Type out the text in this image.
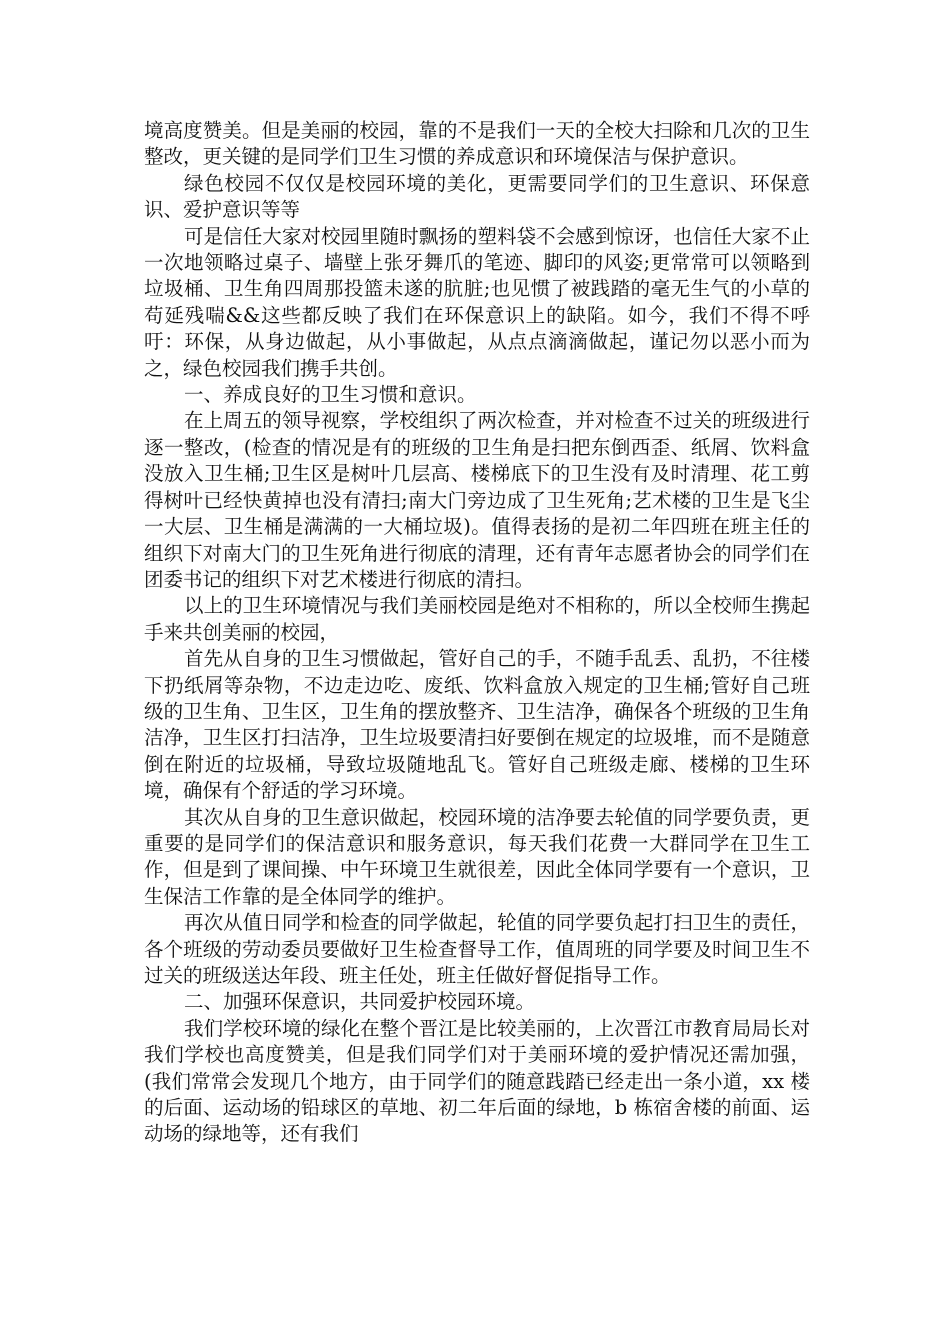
境高度赞美。但是美丽的校园，靠的不是我们一天的全校大扫除和几次的卫生整改，更关键的是同学们卫生习惯的养成意识和环境保洁与保护意识。

绿色校园不仅仅是校园环境的美化，更需要同学们的卫生意识、环保意识、爱护意识等等

可是信任大家对校园里随时飘扬的塑料袋不会感到惊讶，也信任大家不止一次地领略过桌子、墙壁上张牙舞爪的笔迹、脚印的风姿;更常常可以领略到垃圾桶、卫生角四周那投篮未遂的肮脏;也见惯了被践踏的毫无生气的小草的苟延残喘&&这些都反映了我们在环保意识上的缺陷。如今，我们不得不呼吁：环保，从身边做起，从小事做起，从点点滴滴做起，谨记勿以恶小而为之，绿色校园我们携手共创。

一、养成良好的卫生习惯和意识。

在上周五的领导视察，学校组织了两次检查，并对检查不过关的班级进行逐一整改，(检查的情况是有的班级的卫生角是扫把东倒西歪、纸屑、饮料盒没放入卫生桶;卫生区是树叶几层高、楼梯底下的卫生没有及时清理、花工剪得树叶已经快黄掉也没有清扫;南大门旁边成了卫生死角;艺术楼的卫生是飞尘一大层、卫生桶是满满的一大桶垃圾)。值得表扬的是初二年四班在班主任的组织下对南大门的卫生死角进行彻底的清理，还有青年志愿者协会的同学们在团委书记的组织下对艺术楼进行彻底的清扫。

以上的卫生环境情况与我们美丽校园是绝对不相称的，所以全校师生携起手来共创美丽的校园，

首先从自身的卫生习惯做起，管好自己的手，不随手乱丢、乱扔，不往楼下扔纸屑等杂物，不边走边吃、废纸、饮料盒放入规定的卫生桶;管好自己班级的卫生角、卫生区，卫生角的摆放整齐、卫生洁净，确保各个班级的卫生角洁净，卫生区打扫洁净，卫生垃圾要清扫好要倒在规定的垃圾堆，而不是随意倒在附近的垃圾桶，导致垃圾随地乱飞。管好自己班级走廊、楼梯的卫生环境，确保有个舒适的学习环境。

其次从自身的卫生意识做起，校园环境的洁净要去轮值的同学要负责，更重要的是同学们的保洁意识和服务意识，每天我们花费一大群同学在卫生工作，但是到了课间操、中午环境卫生就很差，因此全体同学要有一个意识，卫生保洁工作靠的是全体同学的维护。

再次从值日同学和检查的同学做起，轮值的同学要负起打扫卫生的责任，各个班级的劳动委员要做好卫生检查督导工作，值周班的同学要及时间卫生不过关的班级送达年段、班主任处，班主任做好督促指导工作。

二、加强环保意识，共同爱护校园环境。

我们学校环境的绿化在整个晋江是比较美丽的，上次晋江市教育局局长对我们学校也高度赞美，但是我们同学们对于美丽环境的爱护情况还需加强，(我们常常会发现几个地方，由于同学们的随意践踏已经走出一条小道，xx 楼的后面、运动场的铅球区的草地、初二年后面的绿地，b 栋宿舍楼的前面、运动场的绿地等，还有我们
